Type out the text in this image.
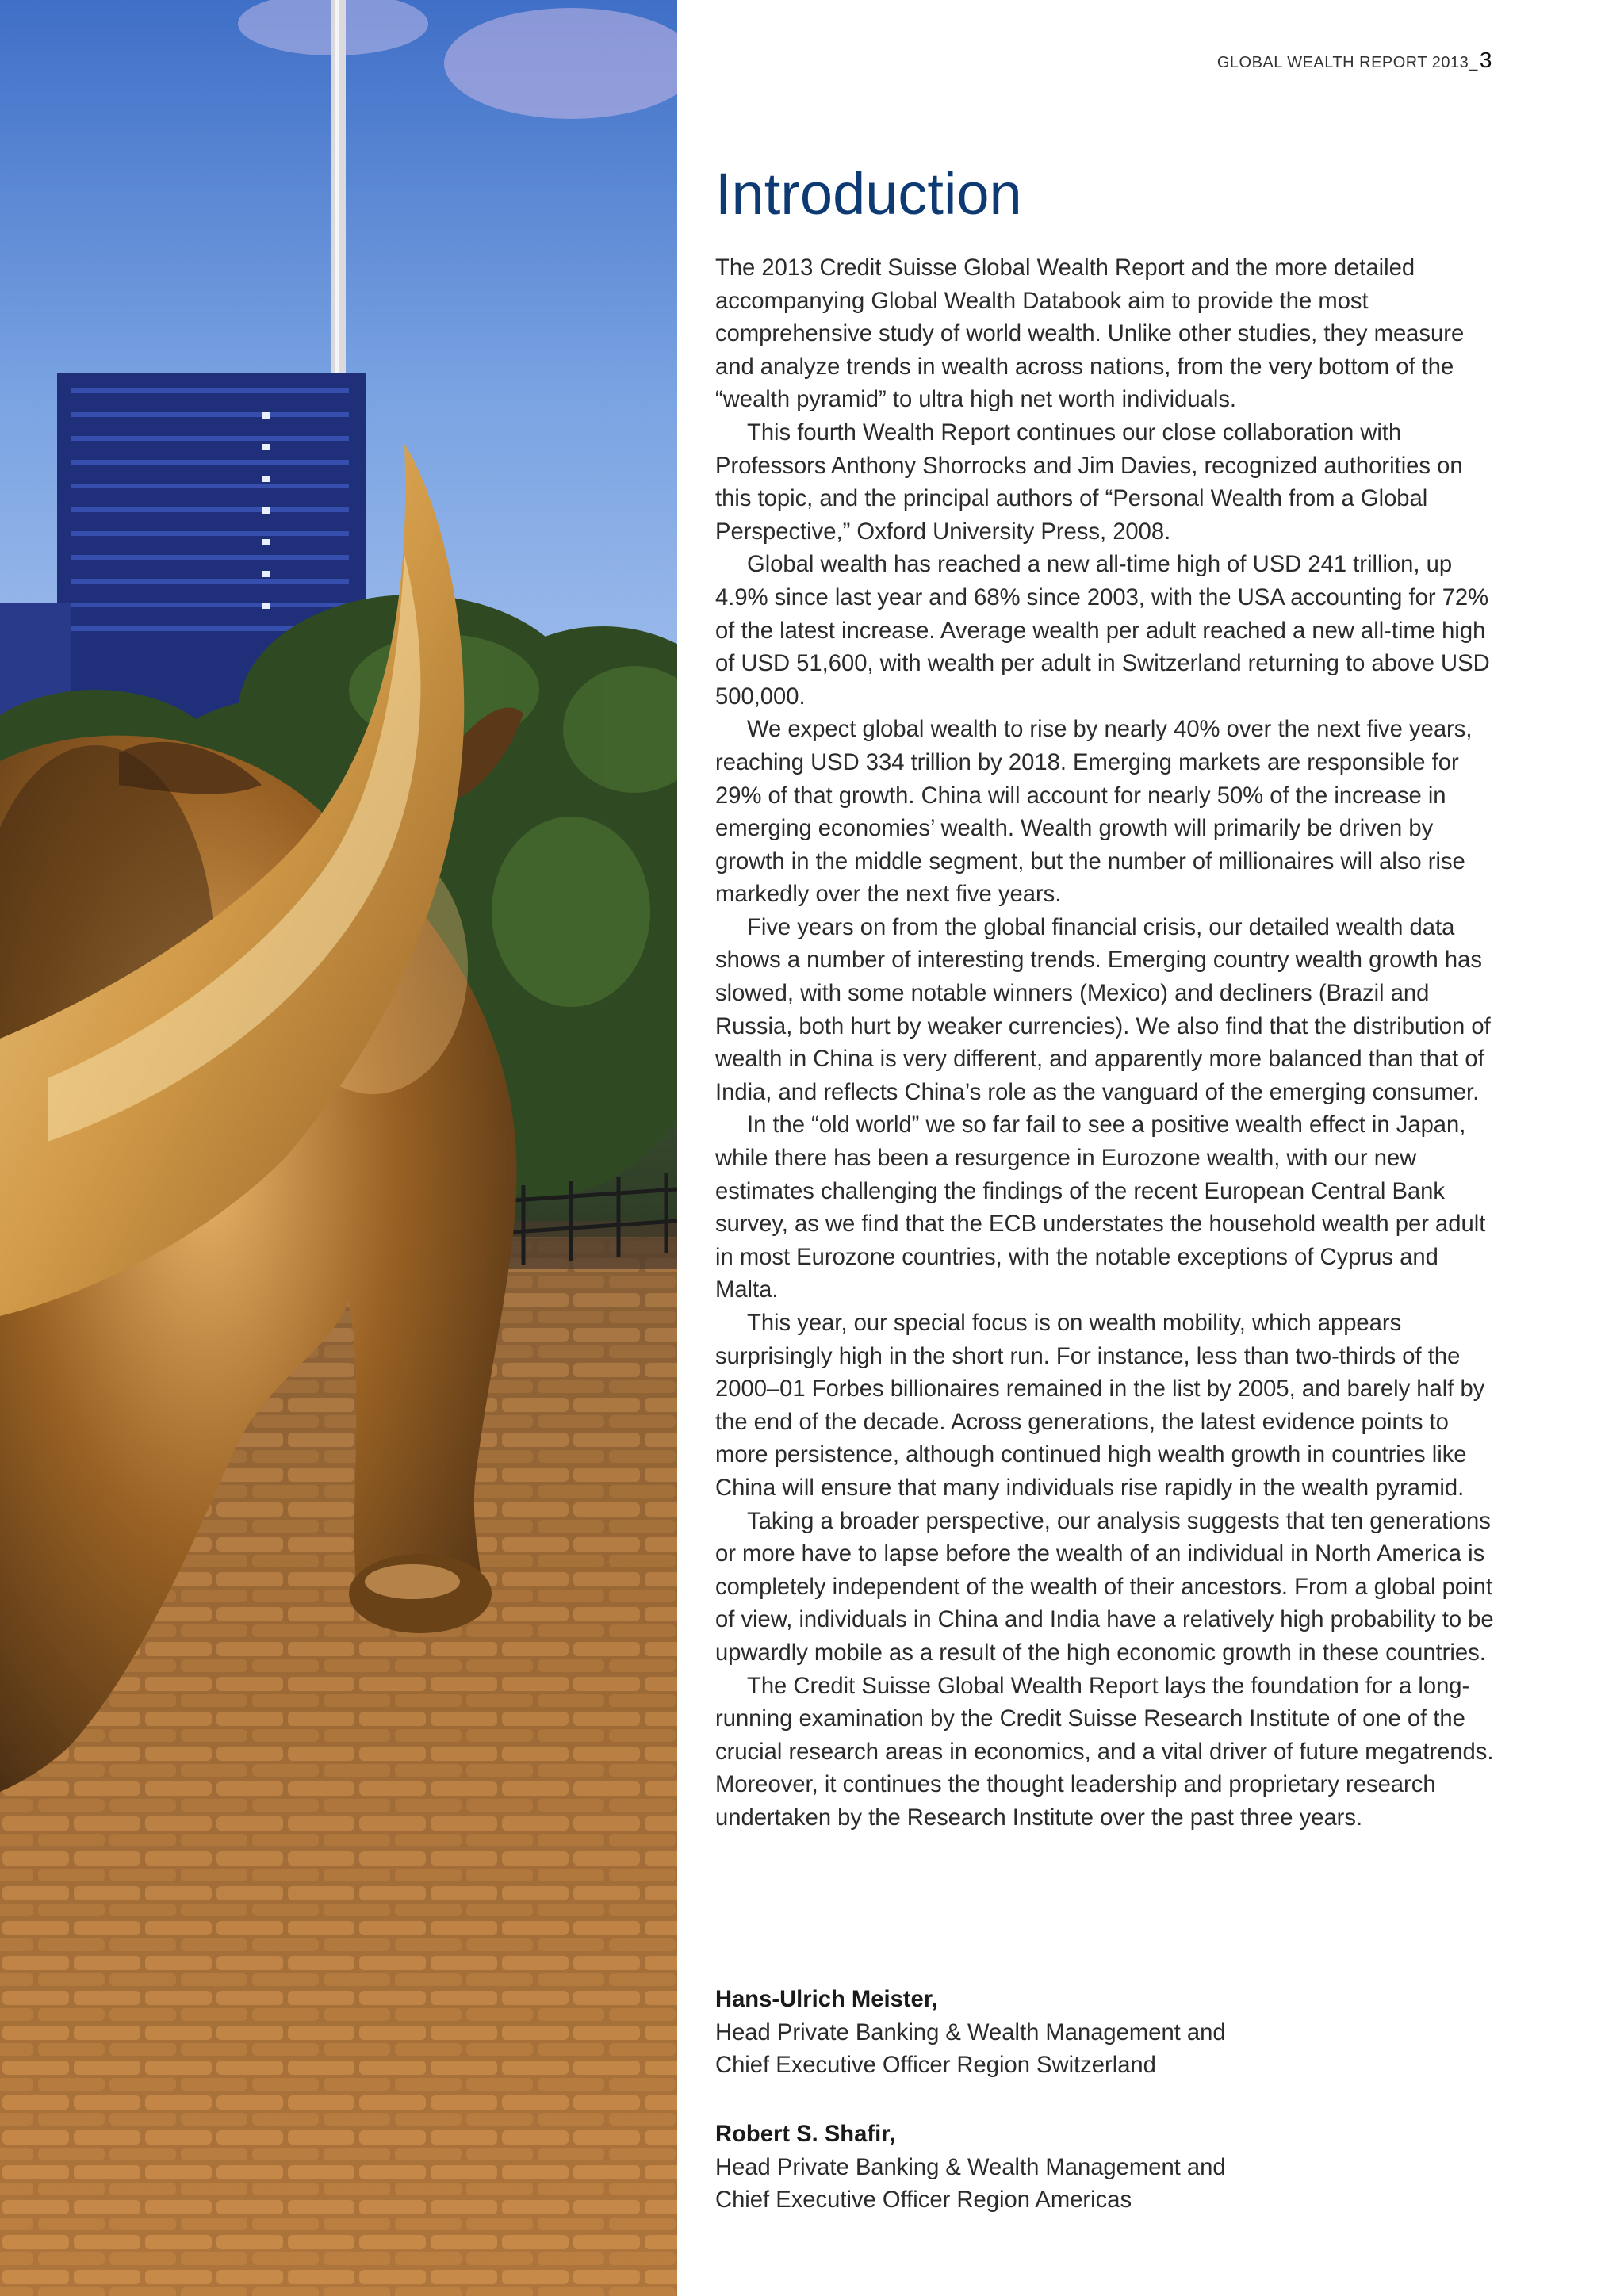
GLOBAL WEALTH REPORT 2013_3
Introduction

The 2013 Credit Suisse Global Wealth Report and the more detailed accompanying Global Wealth Databook aim to provide the most comprehensive study of world wealth. Unlike other studies, they measure and analyze trends in wealth across nations, from the very bottom of the “wealth pyramid” to ultra high net worth individuals.

This fourth Wealth Report continues our close collaboration with Professors Anthony Shorrocks and Jim Davies, recognized authorities on this topic, and the principal authors of “Personal Wealth from a Global Perspective,” Oxford University Press, 2008.

Global wealth has reached a new all-time high of USD 241 trillion, up 4.9% since last year and 68% since 2003, with the USA accounting for 72% of the latest increase. Average wealth per adult reached a new all-time high of USD 51,600, with wealth per adult in Switzerland returning to above USD 500,000.

We expect global wealth to rise by nearly 40% over the next five years, reaching USD 334 trillion by 2018. Emerging markets are responsible for 29% of that growth. China will account for nearly 50% of the increase in emerging economies’ wealth. Wealth growth will primarily be driven by growth in the middle segment, but the number of millionaires will also rise markedly over the next five years.

Five years on from the global financial crisis, our detailed wealth data shows a number of interesting trends. Emerging country wealth growth has slowed, with some notable winners (Mexico) and decliners (Brazil and Russia, both hurt by weaker currencies). We also find that the distribution of wealth in China is very different, and apparently more balanced than that of India, and reflects China’s role as the vanguard of the emerging consumer.

In the “old world” we so far fail to see a positive wealth effect in Japan, while there has been a resurgence in Eurozone wealth, with our new estimates challenging the findings of the recent European Central Bank survey, as we find that the ECB understates the household wealth per adult in most Eurozone countries, with the notable exceptions of Cyprus and Malta.

This year, our special focus is on wealth mobility, which appears surprisingly high in the short run. For instance, less than two-thirds of the 2000–01 Forbes billionaires remained in the list by 2005, and barely half by the end of the decade. Across generations, the latest evidence points to more persistence, although continued high wealth growth in countries like China will ensure that many individuals rise rapidly in the wealth pyramid.

Taking a broader perspective, our analysis suggests that ten generations or more have to lapse before the wealth of an individual in North America is completely independent of the wealth of their ancestors. From a global point of view, individuals in China and India have a relatively high probability to be upwardly mobile as a result of the high economic growth in these countries.

The Credit Suisse Global Wealth Report lays the foundation for a long-running examination by the Credit Suisse Research Institute of one of the crucial research areas in economics, and a vital driver of future megatrends. Moreover, it continues the thought leadership and proprietary research undertaken by the Research Institute over the past three years.

Hans-Ulrich Meister,
Head Private Banking & Wealth Management and
Chief Executive Officer Region Switzerland
Robert S. Shafir,
Head Private Banking & Wealth Management and
Chief Executive Officer Region Americas
